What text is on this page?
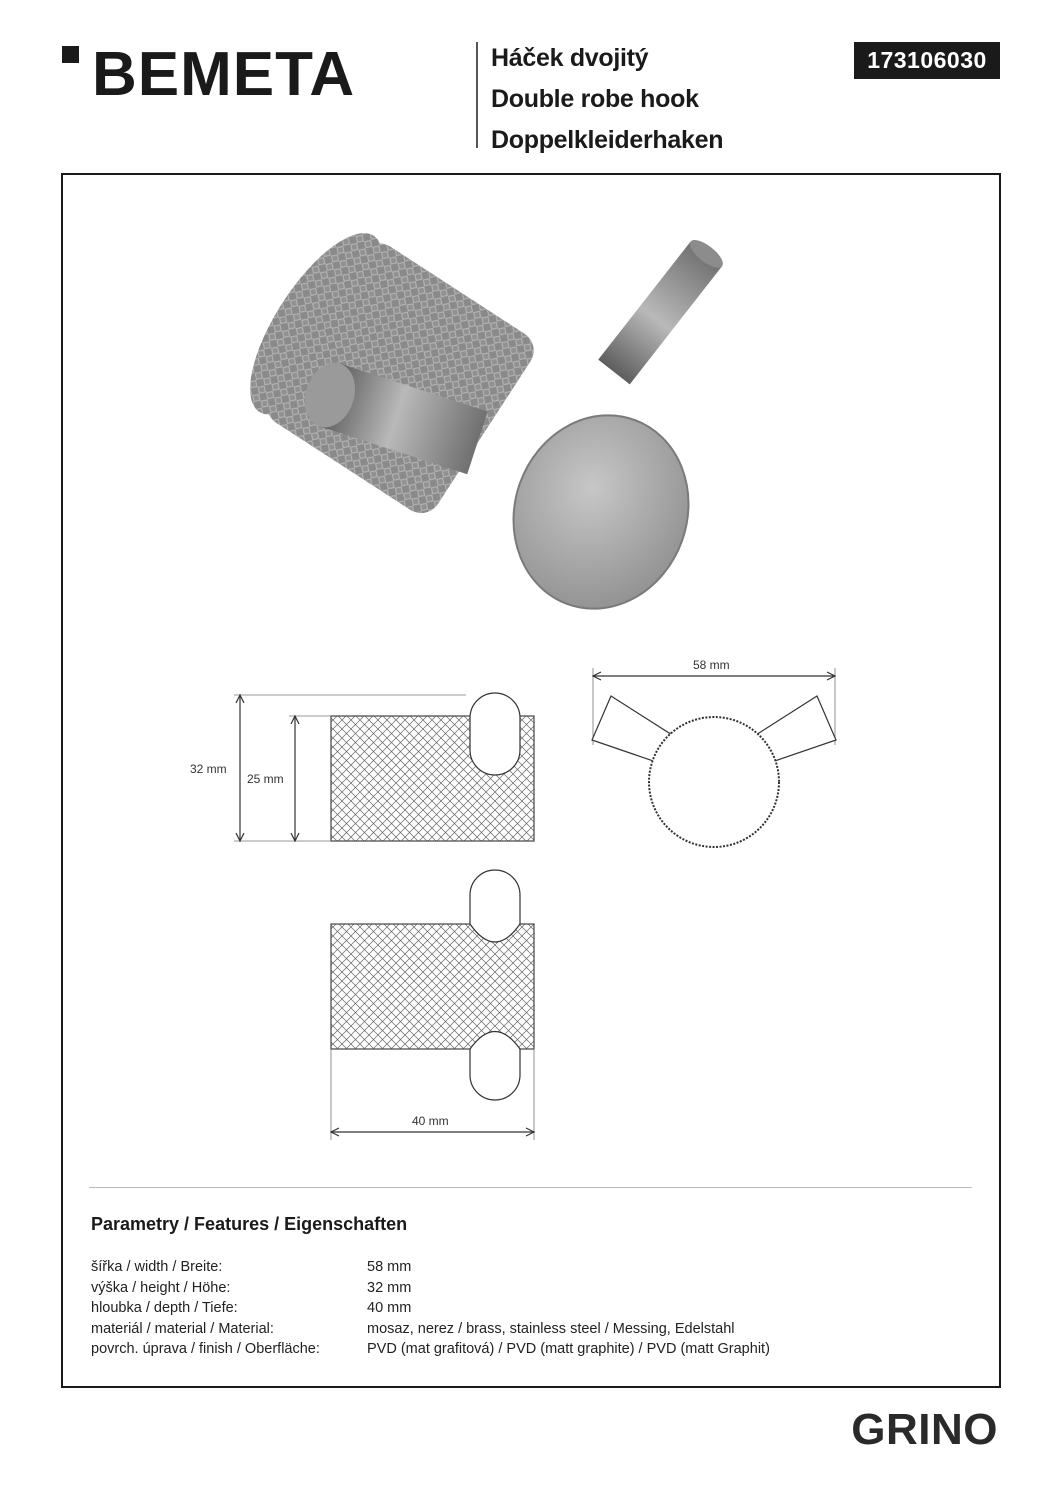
BEMETA	Háček dvojitý
Double robe hook
Doppelkleiderhaken
173106030
32 mm
25 mm
58 mm
40 mm
Parametry / Features / Eigenschaften
šířka / width / Breite:	58 mm
výška / height / Höhe:	32 mm
hloubka / depth / Tiefe:	40 mm
materiál / material / Material:	mosaz, nerez / brass, stainless steel / Messing, Edelstahl
povrch. úprava / finish / Oberfläche:	PVD (mat grafitová) / PVD (matt graphite) / PVD (matt Graphit)
GRINO
